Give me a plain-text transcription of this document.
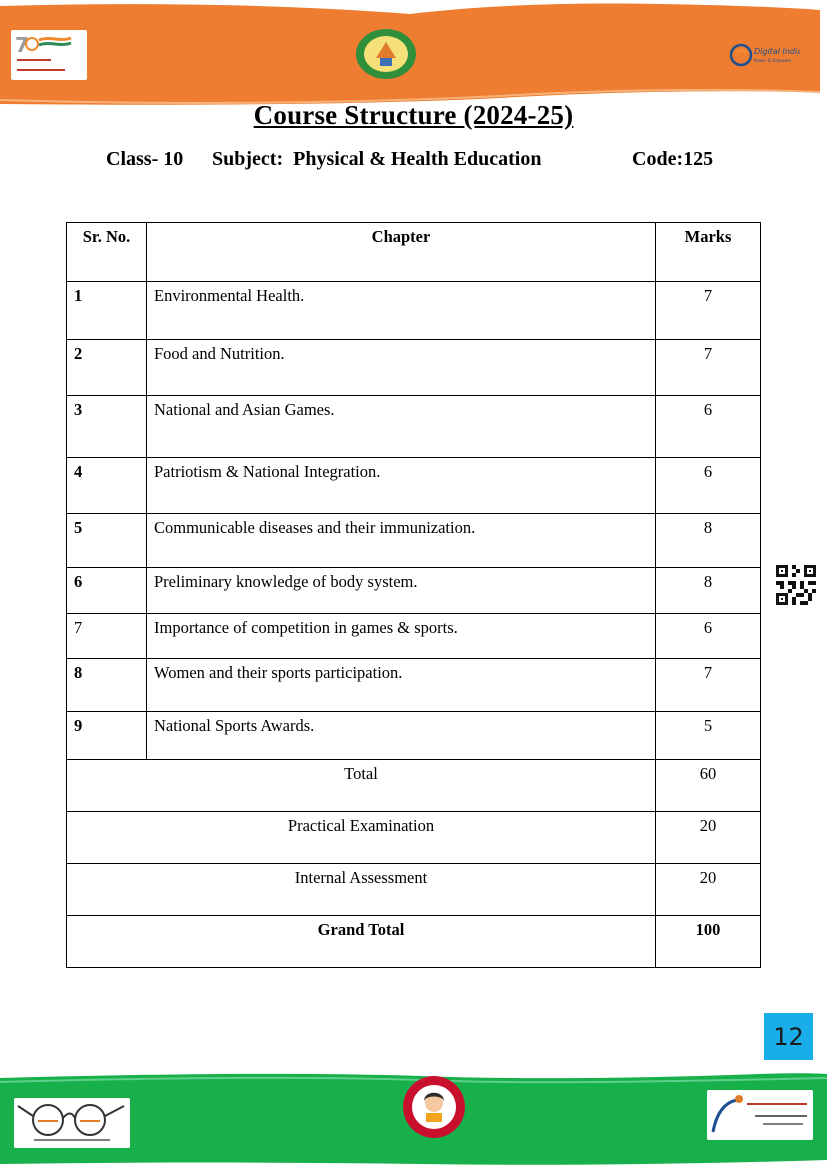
7	Digital India
Power To Empower
Course Structure (2024-25)
Class- 10 Subject:  Physical & Health Education	Code:125
Sr. No.	Chapter	Marks
1	Environmental Health.	7
2	Food and Nutrition.	7
3	National and Asian Games.	6
4	Patriotism & National Integration.	6
5	Communicable diseases and their immunization.	8
6	Preliminary knowledge of body system.	8
7	Importance of competition in games & sports.	6
8	Women and their sports participation.	7
9	National Sports Awards.	5
Total		60
Practical Examination		20
Internal Assessment		20
Grand Total		100
12
